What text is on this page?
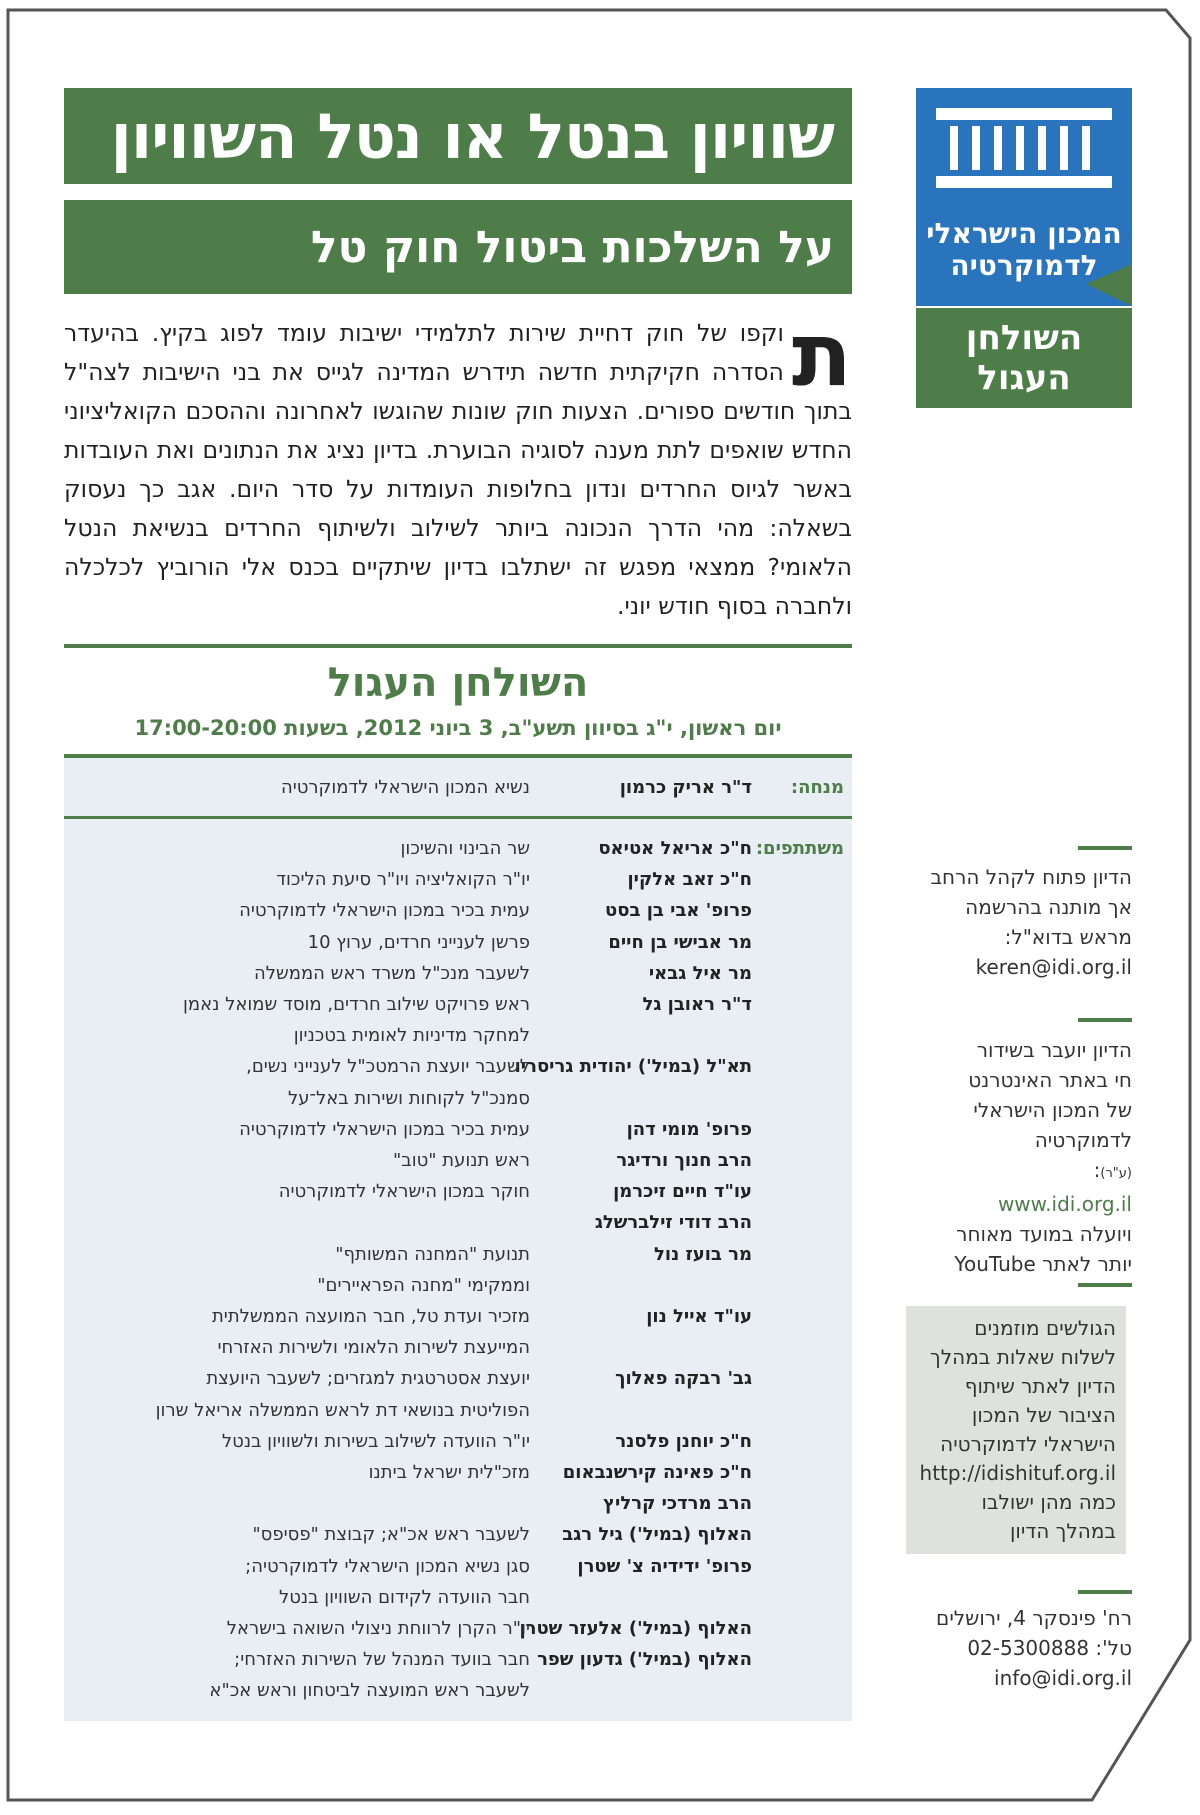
שוויון בנטל או נטל השוויון
על השלכות ביטול חוק טל
ת
וקפו של חוק דחיית שירות לתלמידי ישיבות עומד לפוג בקיץ. בהיעדר הסדרה חקיקתית חדשה תידרש המדינה לגייס את בני הישיבות לצה"ל בתוך חודשים ספורים. הצעות חוק שונות שהוגשו לאחרונה וההסכם הקואליציוני החדש שואפים לתת מענה לסוגיה הבוערת. בדיון נציג את הנתונים ואת העובדות באשר לגיוס החרדים ונדון בחלופות העומדות על סדר היום. אגב כך נעסוק בשאלה: מהי הדרך הנכונה ביותר לשילוב ולשיתוף החרדים בנשיאת הנטל הלאומי? ממצאי מפגש זה ישתלבו בדיון שיתקיים בכנס אלי הורוביץ לכלכלה ולחברה בסוף חודש יוני.
השולחן העגול
יום ראשון, י"ג בסיוון תשע"ב, 3 ביוני 2012, בשעות 17:00-20:00
מנחה:
ד"ר אריק כרמון
נשיא המכון הישראלי לדמוקרטיה
משתתפים:
ח"כ אריאל אטיאס
שר הבינוי והשיכון
ח"כ זאב אלקין
יו"ר הקואליציה ויו"ר סיעת הליכוד
פרופ' אבי בן בסט
עמית בכיר במכון הישראלי לדמוקרטיה
מר אבישי בן חיים
פרשן לענייני חרדים, ערוץ 10
מר איל גבאי
לשעבר מנכ"ל משרד ראש הממשלה
ד"ר ראובן גל
ראש פרויקט שילוב חרדים, מוסד שמואל נאמן
למחקר מדיניות לאומית בטכניון
תא"ל (במיל') יהודית גריסריו
לשעבר יועצת הרמטכ"ל לענייני נשים,
סמנכ"ל לקוחות ושירות באל־על
פרופ' מומי דהן
עמית בכיר במכון הישראלי לדמוקרטיה
הרב חנוך ורדיגר
ראש תנועת "טוב"
עו"ד חיים זיכרמן
חוקר במכון הישראלי לדמוקרטיה
הרב דודי זילברשלג
מר בועז נול
תנועת "המחנה המשותף"
וממקימי "מחנה הפראיירים"
עו"ד אייל נון
מזכיר ועדת טל, חבר המועצה הממשלתית
המייעצת לשירות הלאומי ולשירות האזרחי
גב' רבקה פאלוך
יועצת אסטרטגית למגזרים; לשעבר היועצת
הפוליטית בנושאי דת לראש הממשלה אריאל שרון
ח"כ יוחנן פלסנר
יו"ר הוועדה לשילוב בשירות ולשוויון בנטל
ח"כ פאינה קירשנבאום
מזכ"לית ישראל ביתנו
הרב מרדכי קרליץ
האלוף (במיל') גיל רגב
לשעבר ראש אכ"א; קבוצת "פסיפס"
פרופ' ידידיה צ' שטרן
סגן נשיא המכון הישראלי לדמוקרטיה;
חבר הוועדה לקידום השוויון בנטל
האלוף (במיל') אלעזר שטרן
יו"ר הקרן לרווחת ניצולי השואה בישראל
האלוף (במיל') גדעון שפר
חבר בוועד המנהל של השירות האזרחי;
לשעבר ראש המועצה לביטחון וראש אכ"א
המכון הישראלי
לדמוקרטיה
השולחן
העגול
הדיון פתוח לקהל הרחב
אך מותנה בהרשמה
מראש בדוא"ל:
keren@idi.org.il
הדיון יועבר בשידור
חי באתר האינטרנט
של המכון הישראלי
לדמוקרטיה
(ע"ר):
www.idi.org.il
ויועלה במועד מאוחר
יותר לאתר YouTube
הגולשים מוזמנים
לשלוח שאלות במהלך
הדיון לאתר שיתוף
הציבור של המכון
הישראלי לדמוקרטיה
http://idishituf.org.il
כמה מהן ישולבו
במהלך הדיון
רח' פינסקר 4, ירושלים
טל': 02-5300888
info@idi.org.il
